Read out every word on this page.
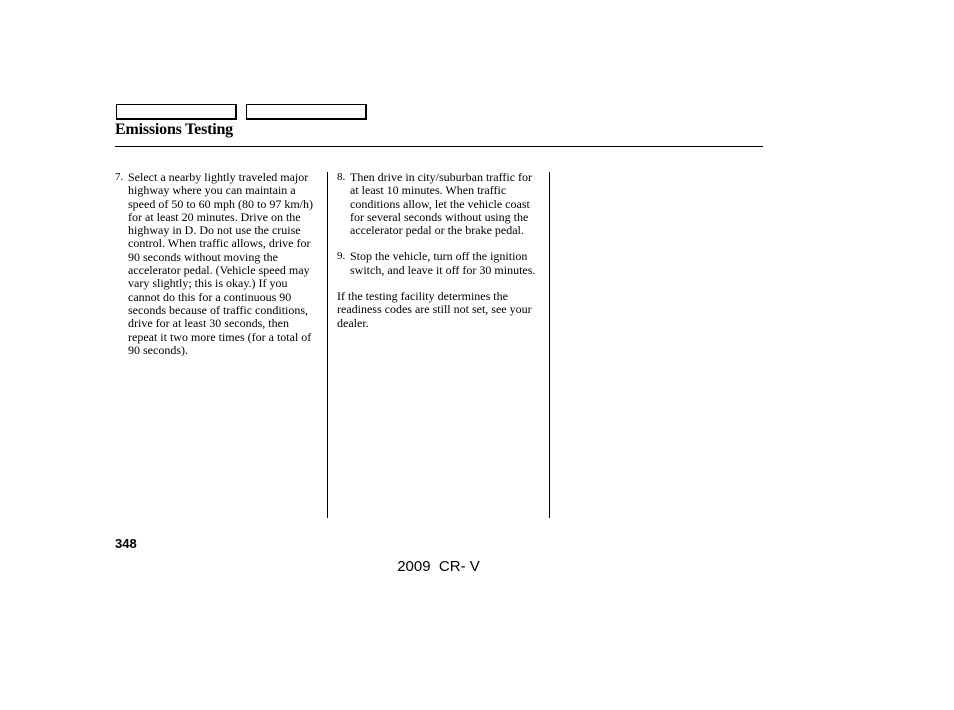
Emissions Testing
7. Select a nearby lightly traveled major highway where you can maintain a speed of 50 to 60 mph (80 to 97 km/h) for at least 20 minutes. Drive on the highway in D. Do not use the cruise control. When traffic allows, drive for 90 seconds without moving the accelerator pedal. (Vehicle speed may vary slightly; this is okay.) If you cannot do this for a continuous 90 seconds because of traffic conditions, drive for at least 30 seconds, then repeat it two more times (for a total of 90 seconds).
8. Then drive in city/suburban traffic for at least 10 minutes. When traffic conditions allow, let the vehicle coast for several seconds without using the accelerator pedal or the brake pedal.
9. Stop the vehicle, turn off the ignition switch, and leave it off for 30 minutes.
If the testing facility determines the readiness codes are still not set, see your dealer.
348
2009  CR- V
